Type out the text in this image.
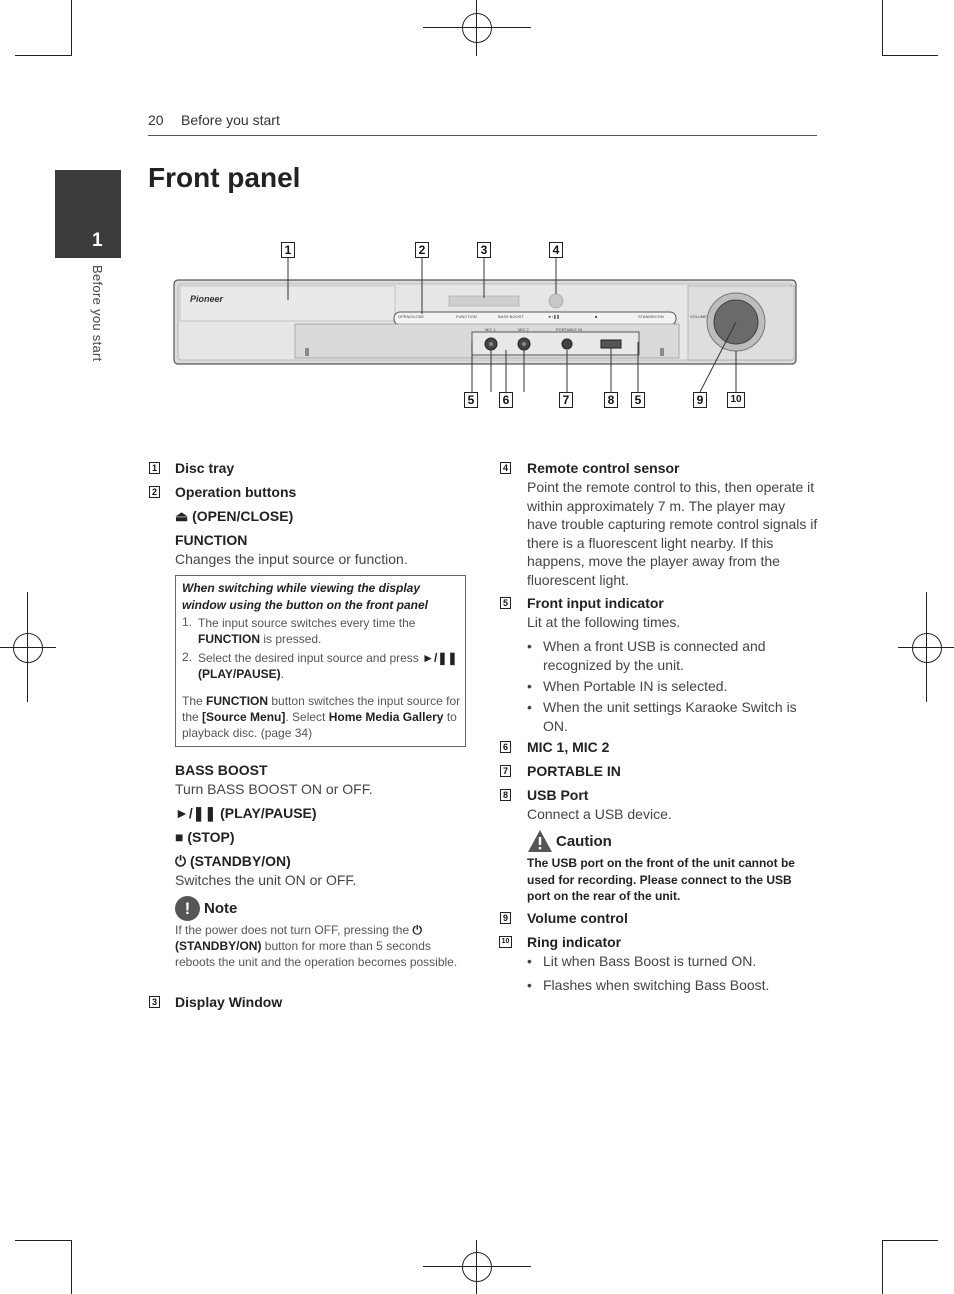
20 Before you start
1
Before you start
Front panel
Pioneer
OPEN/CLOSE	FUNCTION	BASS BOOST	►/❚❚	■	STANDBY/ON	VOLUME
MIC 1	MIC 2	PORTABLE IN
1	2	3	4
5	6	7	8	5	9	10
1 Disc tray
2 Operation buttons
⏏ (OPEN/CLOSE)
FUNCTION
Changes the input source or function.
When switching while viewing the display window using the button on the front panel
1. The input source switches every time the FUNCTION is pressed.
2. Select the desired input source and press ►/❚❚ (PLAY/PAUSE).
The FUNCTION button switches the input source for the [Source Menu]. Select Home Media Gallery to playback disc. (page 34)
BASS BOOST
Turn BASS BOOST ON or OFF.
►/❚❚ (PLAY/PAUSE)
■ (STOP)
⏻ (STANDBY/ON)
Switches the unit ON or OFF.
! Note
If the power does not turn OFF, pressing the ⏻ (STANDBY/ON) button for more than 5 seconds reboots the unit and the operation becomes possible.
3 Display Window
4 Remote control sensor
Point the remote control to this, then operate it within approximately 7 m. The player may have trouble capturing remote control signals if there is a fluorescent light nearby. If this happens, move the player away from the fluorescent light.
5 Front input indicator
Lit at the following times.
• When a front USB is connected and recognized by the unit.
• When Portable IN is selected.
• When the unit settings Karaoke Switch is ON.
6 MIC 1, MIC 2
7 PORTABLE IN
8 USB Port
Connect a USB device.
Caution
The USB port on the front of the unit cannot be used for recording. Please connect to the USB port on the rear of the unit.
9 Volume control
10 Ring indicator
• Lit when Bass Boost is turned ON.
• Flashes when switching Bass Boost.
